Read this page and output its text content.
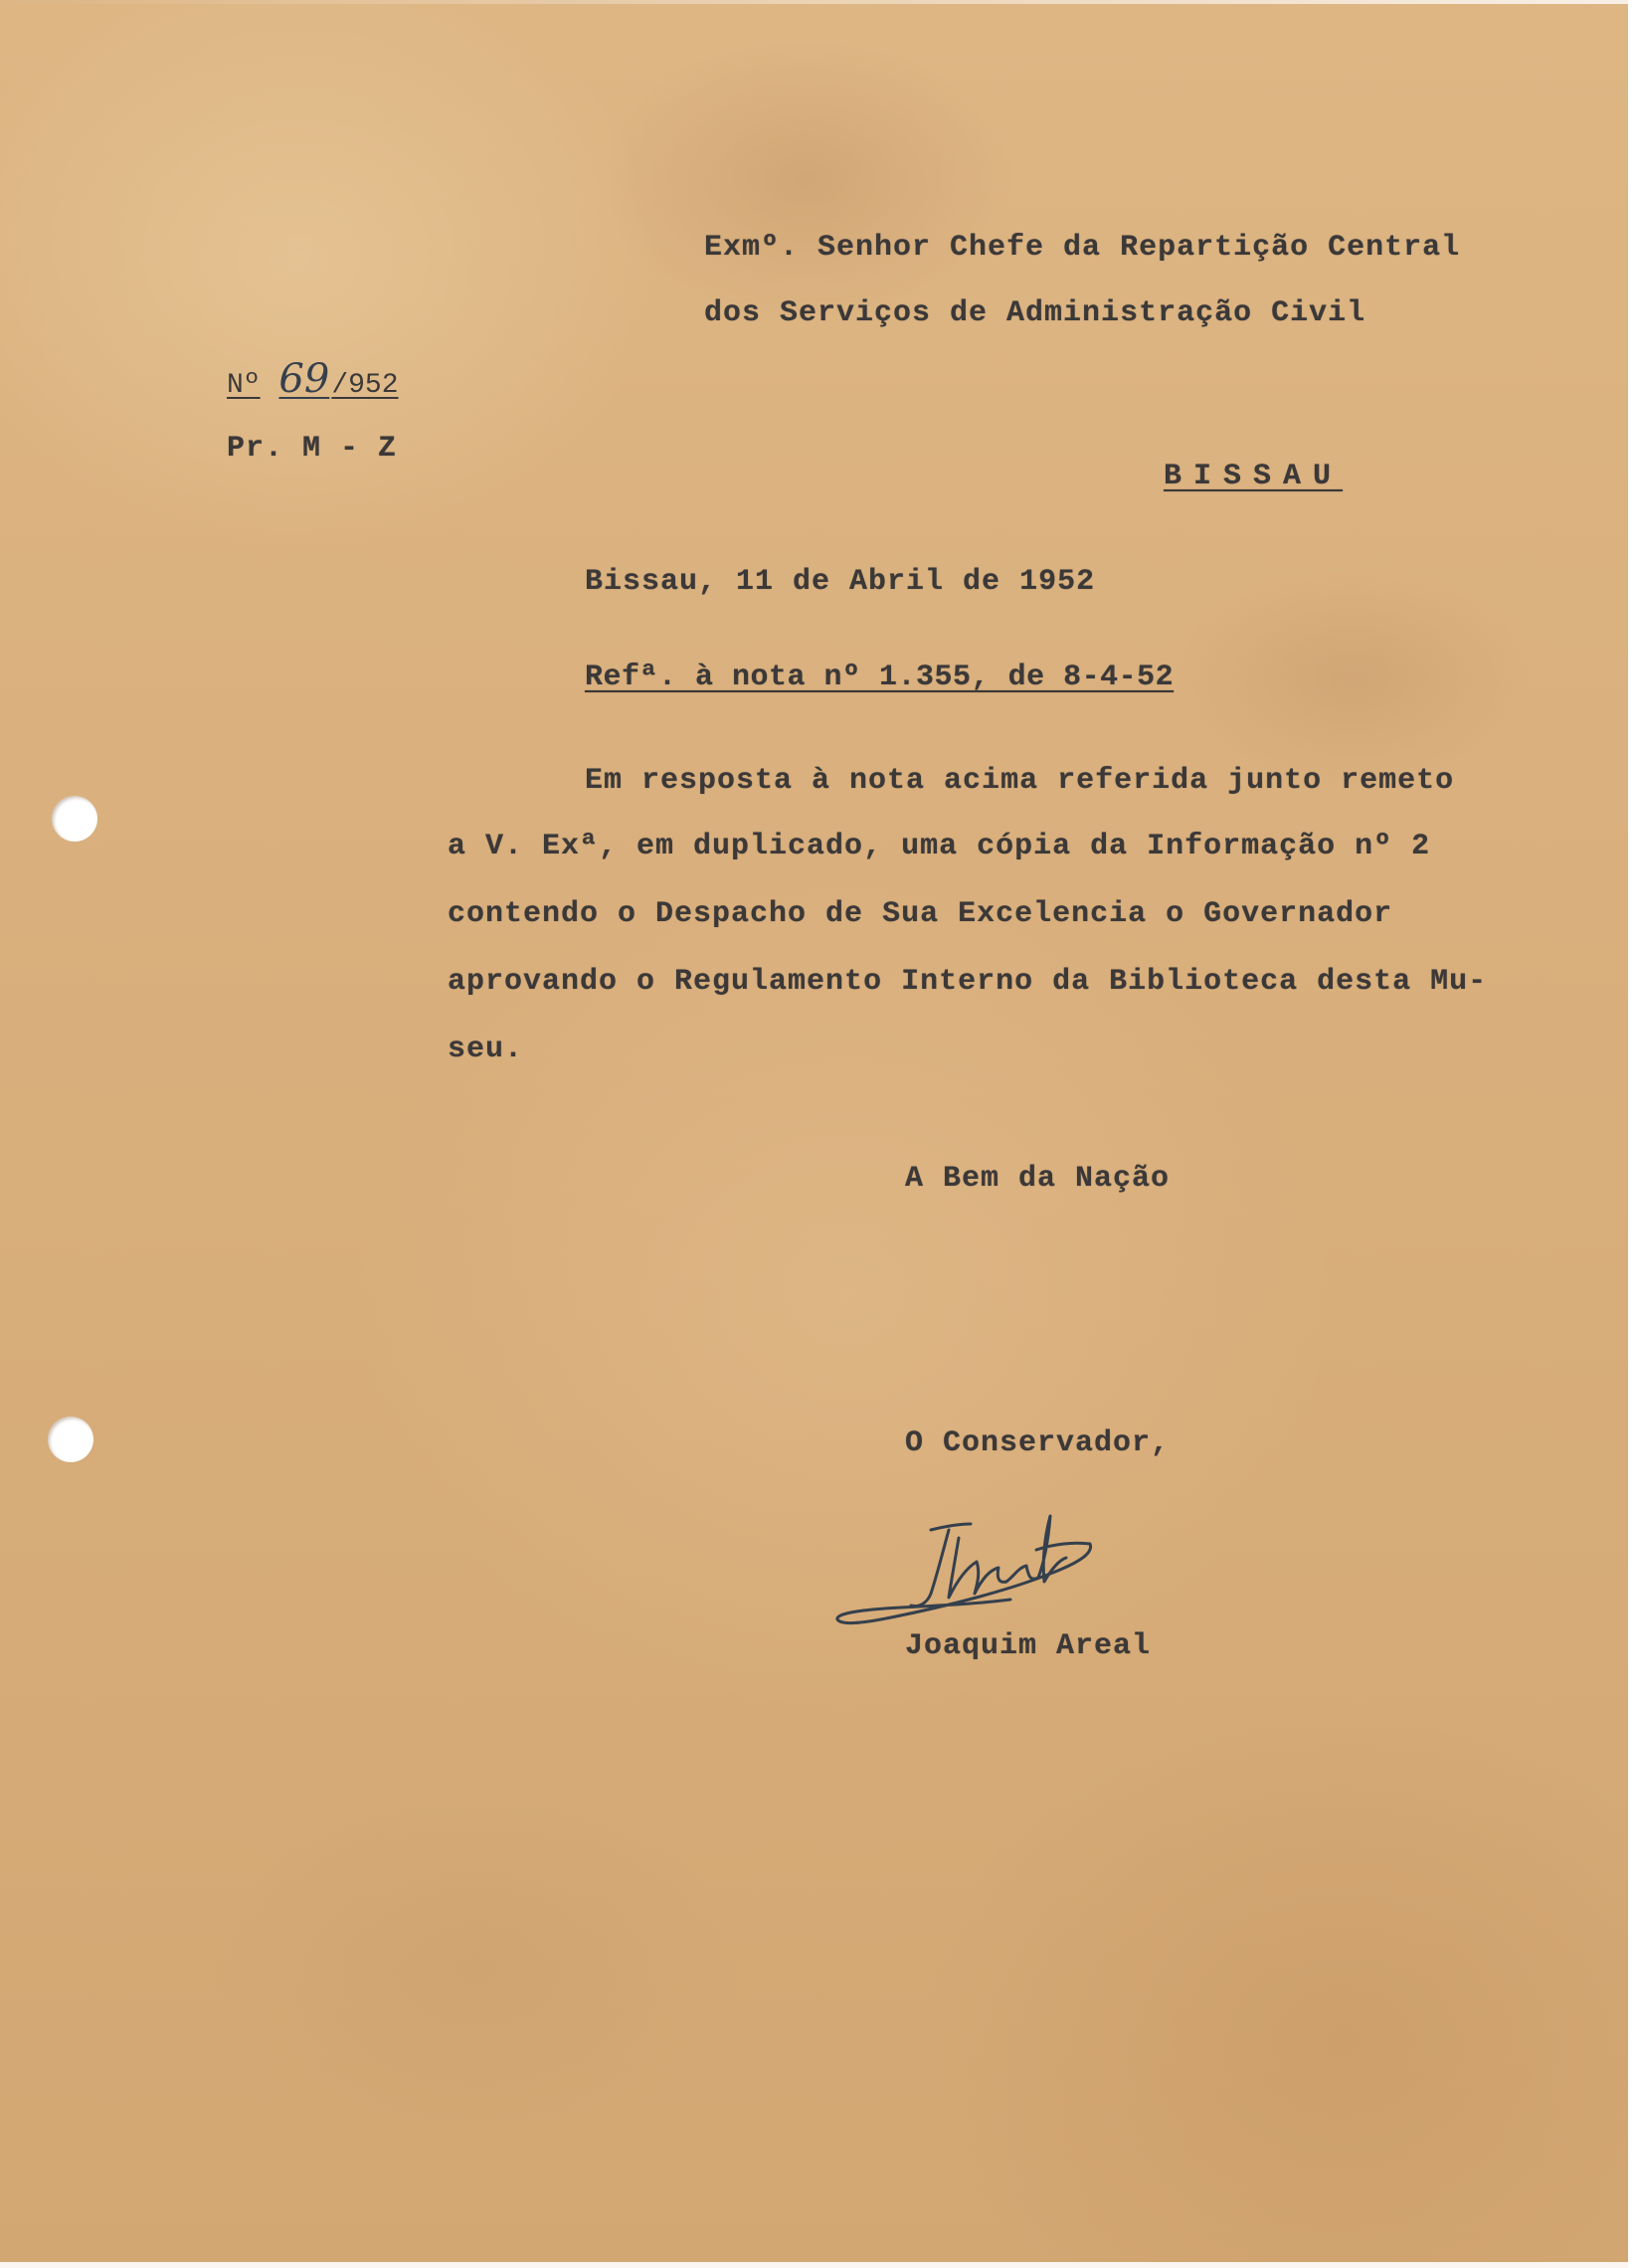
Exmº. Senhor Chefe da Repartição Central
dos Serviços de Administração Civil
Nº 69/952
Pr. M - Z
BISSAU
Bissau, 11 de Abril de 1952
Refª. à nota nº 1.355, de 8-4-52
Em resposta à nota acima referida junto remeto
a V. Exª, em duplicado, uma cópia da Informação nº 2
contendo o Despacho de Sua Excelencia o Governador
aprovando o Regulamento Interno da Biblioteca desta Mu-
seu.
A Bem da Nação
O Conservador,
Joaquim Areal
